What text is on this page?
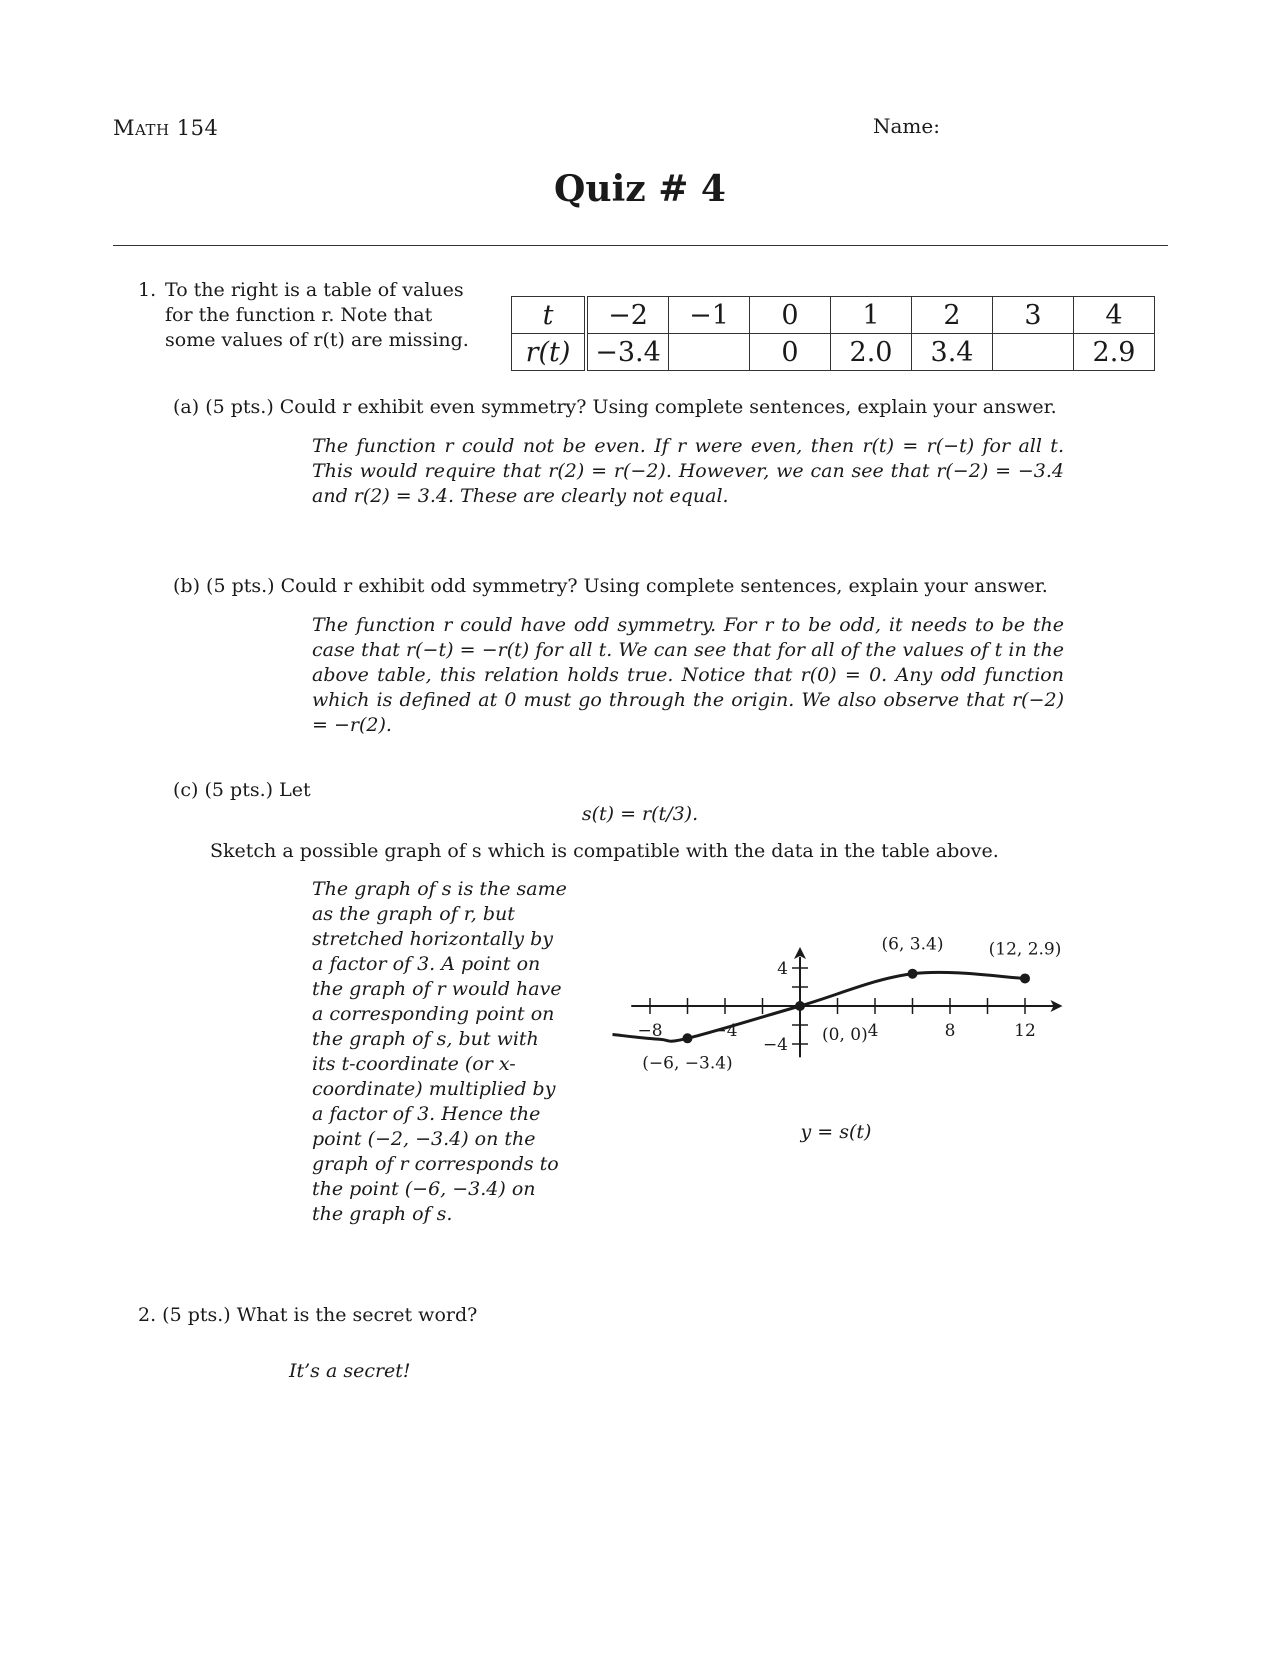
Math 154	Name:
Quiz # 4
1. To the right is a table of values for the function r. Note that some values of r(t) are missing.
t	−2	−1	0	1	2	3	4
r(t)	−3.4		0	2.0	3.4		2.9
(a) (5 pts.) Could r exhibit even symmetry? Using complete sentences, explain your answer.
The function r could not be even. If r were even, then r(t) = r(−t) for all t. This would require that r(2) = r(−2). However, we can see that r(−2) = −3.4 and r(2) = 3.4. These are clearly not equal.
(b) (5 pts.) Could r exhibit odd symmetry? Using complete sentences, explain your answer.
The function r could have odd symmetry. For r to be odd, it needs to be the case that r(−t) = −r(t) for all t. We can see that for all of the values of t in the above table, this relation holds true. Notice that r(0) = 0. Any odd function which is defined at 0 must go through the origin. We also observe that r(−2) = −r(2).
(c) (5 pts.) Let
s(t) = r(t/3).
Sketch a possible graph of s which is compatible with the data in the table above.
The graph of s is the same as the graph of r, but stretched horizontally by a factor of 3. A point on the graph of r would have a corresponding point on the graph of s, but with its t-coordinate (or x-coordinate) multiplied by a factor of 3. Hence the point (−2, −3.4) on the graph of r corresponds to the point (−6, −3.4) on the graph of s.
−8	−4	4	8	12
4
−4
(−6, −3.4)
(0, 0)
(6, 3.4)	(12, 2.9)
y = s(t)
2. (5 pts.) What is the secret word?
It’s a secret!
